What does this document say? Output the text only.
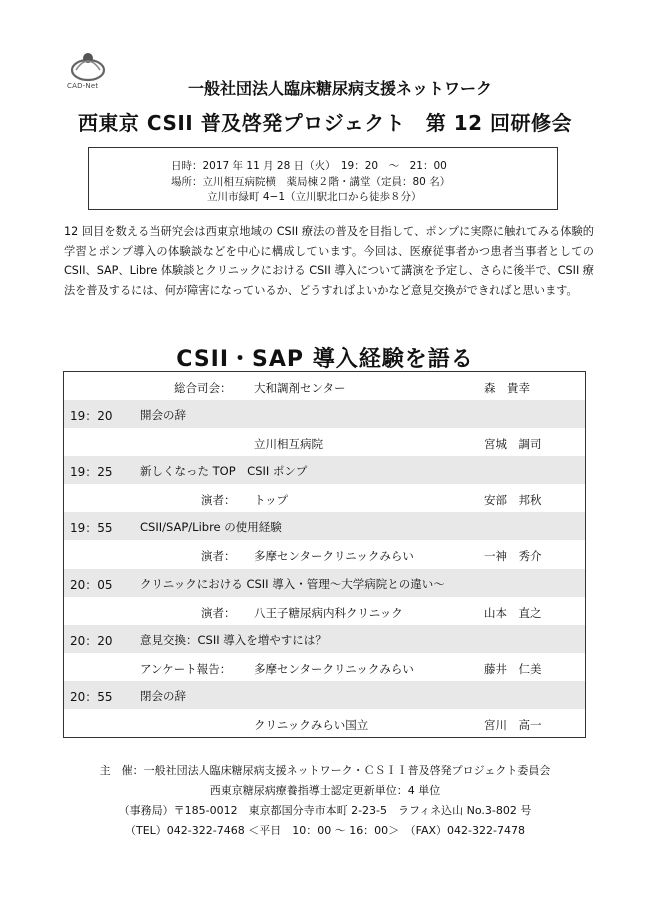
CAD-Net	一般社団法人臨床糖尿病支援ネットワーク
西東京 CSII 普及啓発プロジェクト　第 12 回研修会
日時：2017 年 11 月 28 日（火）　19：20　～　21：00
場所：立川相互病院横　薬局棟２階・講堂（定員：80 名）
立川市緑町 4−1（立川駅北口から徒歩８分）
12 回目を数える当研究会は西東京地域の CSII 療法の普及を目指して、ポンプに実際に触れてみる体験的学習とポンプ導入の体験談などを中心に構成しています。今回は、医療従事者かつ患者当事者としての CSII、SAP、Libre 体験談とクリニックにおける CSII 導入について講演を予定し、さらに後半で、CSII 療法を普及するには、何が障害になっているか、どうすればよいかなど意見交換ができればと思います。
CSII・SAP 導入経験を語る
総合司会： 大和調剤センター	森　貴幸
19：20 開会の辞
立川相互病院	宮城　調司
19：25 新しくなった TOP　CSII ポンプ
演者： トップ	安部　邦秋
19：55 CSII/SAP/Libre の使用経験
演者： 多摩センタークリニックみらい	一神　秀介
20：05 クリニックにおける CSII 導入・管理～大学病院との違い～
演者： 八王子糖尿病内科クリニック	山本　直之
20：20 意見交換：CSII 導入を増やすには？
アンケート報告： 多摩センタークリニックみらい	藤井　仁美
20：55 閉会の辞
クリニックみらい国立	宮川　高一
主　催：一般社団法人臨床糖尿病支援ネットワーク・ＣＳＩＩ普及啓発プロジェクト委員会
西東京糖尿病療養指導士認定更新単位：4 単位
（事務局）〒185-0012　東京都国分寺市本町 2-23-5　ラフィネ込山 No.3-802 号
（TEL）042-322-7468 ＜平日　10：00 ～ 16：00＞　（FAX）042-322-7478
